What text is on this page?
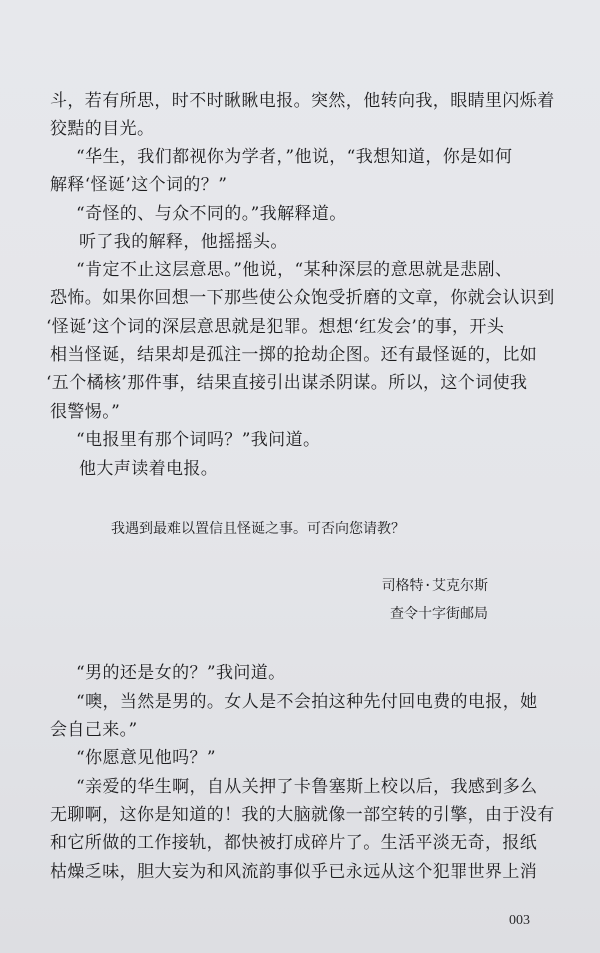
斗，若有所思，时不时瞅瞅电报。突然，他转向我，眼睛里闪烁着
狡黠的目光。
“华生，我们都视你为学者，”他说，“我想知道，你是如何
解释‘怪诞’这个词的？”
“奇怪的、与众不同的。”我解释道。
听了我的解释，他摇摇头。
“肯定不止这层意思。”他说，“某种深层的意思就是悲剧、
恐怖。如果你回想一下那些使公众饱受折磨的文章，你就会认识到
‘怪诞’这个词的深层意思就是犯罪。想想‘红发会’的事，开头
相当怪诞，结果却是孤注一掷的抢劫企图。还有最怪诞的，比如
‘五个橘核’那件事，结果直接引出谋杀阴谋。所以，这个词使我
很警惕。”
“电报里有那个词吗？”我问道。
他大声读着电报。
我遇到最难以置信且怪诞之事。可否向您请教？
司格特·艾克尔斯
查令十字街邮局
“男的还是女的？”我问道。
“噢，当然是男的。女人是不会拍这种先付回电费的电报，她
会自己来。”
“你愿意见他吗？”
“亲爱的华生啊，自从关押了卡鲁塞斯上校以后，我感到多么
无聊啊，这你是知道的！我的大脑就像一部空转的引擎，由于没有
和它所做的工作接轨，都快被打成碎片了。生活平淡无奇，报纸
枯燥乏味，胆大妄为和风流韵事似乎已永远从这个犯罪世界上消
003
